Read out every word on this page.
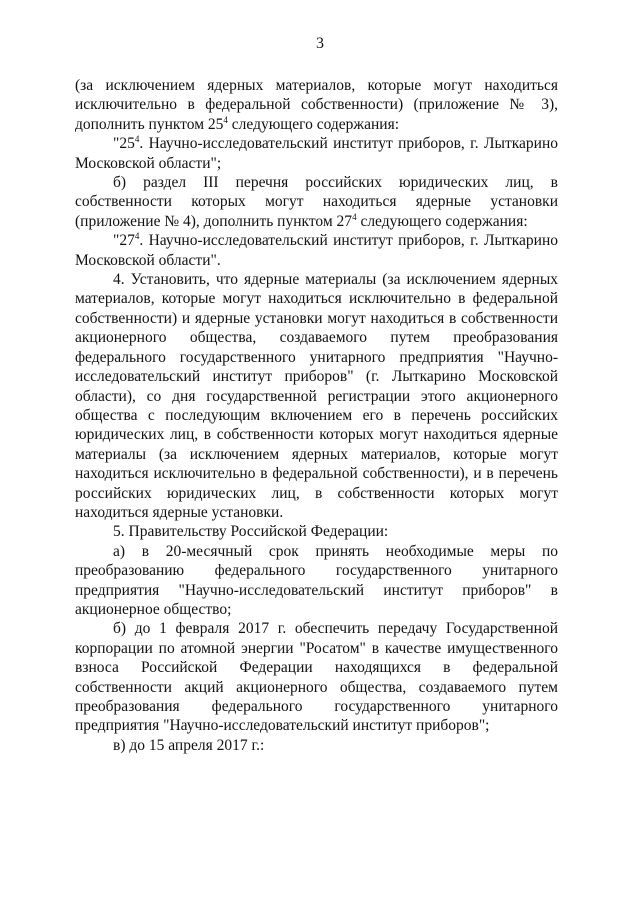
3

(за исключением ядерных материалов, которые могут находиться исключительно в федеральной собственности) (приложение № 3), дополнить пунктом $25^4$ следующего содержания:

"$25^4$. Научно-исследовательский институт приборов, г. Лыткарино Московской области";

б) раздел III перечня российских юридических лиц, в собственности которых могут находиться ядерные установки (приложение № 4), дополнить пунктом $27^4$ следующего содержания:

"$27^4$. Научно-исследовательский институт приборов, г. Лыткарино Московской области".

4. Установить, что ядерные материалы (за исключением ядерных материалов, которые могут находиться исключительно в федеральной собственности) и ядерные установки могут находиться в собственности акционерного общества, создаваемого путем преобразования федерального государственного унитарного предприятия "Научно-исследовательский институт приборов" (г. Лыткарино Московской области), со дня государственной регистрации этого акционерного общества с последующим включением его в перечень российских юридических лиц, в собственности которых могут находиться ядерные материалы (за исключением ядерных материалов, которые могут находиться исключительно в федеральной собственности), и в перечень российских юридических лиц, в собственности которых могут находиться ядерные установки.

5. Правительству Российской Федерации:

а) в 20-месячный срок принять необходимые меры по преобразованию федерального государственного унитарного предприятия "Научно-исследовательский институт приборов" в акционерное общество;

б) до 1 февраля 2017 г. обеспечить передачу Государственной корпорации по атомной энергии "Росатом" в качестве имущественного взноса Российской Федерации находящихся в федеральной собственности акций акционерного общества, создаваемого путем преобразования федерального государственного унитарного предприятия "Научно-исследовательский институт приборов";

в) до 15 апреля 2017 г.:
